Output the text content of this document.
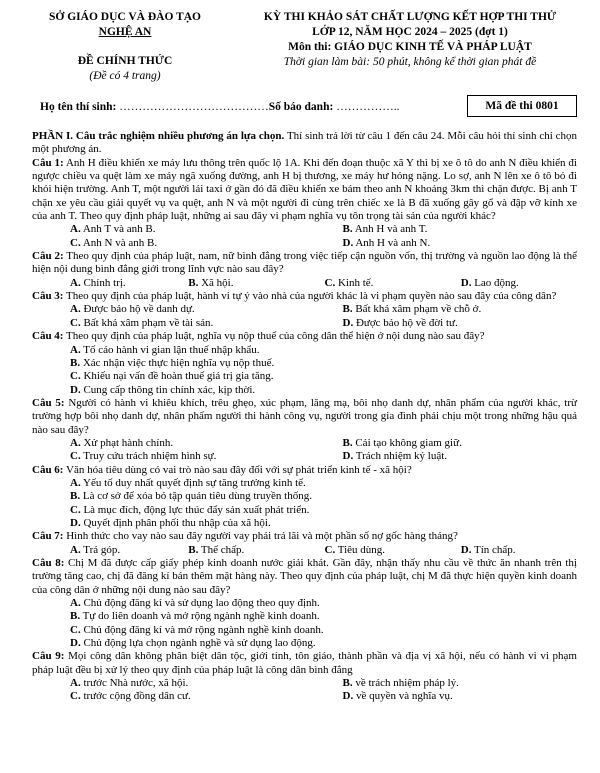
SỞ GIÁO DỤC VÀ ĐÀO TẠO
NGHỆ AN
ĐỀ CHÍNH THỨC
(Đề có 4 trang)
KỲ THI KHẢO SÁT CHẤT LƯỢNG KẾT HỢP THI THỬ
LỚP 12, NĂM HỌC 2024 – 2025 (đợt 1)
Môn thi: GIÁO DỤC KINH TẾ VÀ PHÁP LUẬT
Thời gian làm bài: 50 phút, không kể thời gian phát đề
Họ tên thí sinh: …………………………………Số báo danh: ……………..	Mã đề thi 0801

PHẦN I. Câu trắc nghiệm nhiều phương án lựa chọn. Thí sinh trả lời từ câu 1 đến câu 24. Mỗi câu hỏi thí sinh chỉ chọn một phương án.

Câu 1: Anh H điều khiển xe máy lưu thông trên quốc lộ 1A. Khi đến đoạn thuộc xã Y thì bị xe ô tô do anh N điều khiển đi ngược chiều va quệt làm xe máy ngã xuống đường, anh H bị thương, xe máy hư hỏng nặng. Lo sợ, anh N lên xe ô tô bỏ đi khỏi hiện trường. Anh T, một người lái taxi ở gần đó đã điều khiển xe bám theo anh N khoảng 3km thì chặn được. Bị anh T chặn xe yêu cầu giải quyết vụ va quệt, anh N và một người đi cùng trên chiếc xe là B đã xuống gây gổ và đập vỡ kính xe của anh T. Theo quy định pháp luật, những ai sau đây vi phạm nghĩa vụ tôn trọng tài sản của người khác?

A. Anh T và anh B.	B. Anh H và anh T.
C. Anh N và anh B.	D. Anh H và anh N.

Câu 2: Theo quy định của pháp luật, nam, nữ bình đẳng trong việc tiếp cận nguồn vốn, thị trường và nguồn lao động là thể hiện nội dung bình đẳng giới trong lĩnh vực nào sau đây?

A. Chính trị.	B. Xã hội.	C. Kinh tế.	D. Lao động.

Câu 3: Theo quy định của pháp luật, hành vi tự ý vào nhà của người khác là vi phạm quyền nào sau đây của công dân?

A. Được bảo hộ về danh dự.	B. Bất khả xâm phạm về chỗ ở.
C. Bất khả xâm phạm về tài sản.	D. Được bảo hộ về đời tư.

Câu 4: Theo quy định của pháp luật, nghĩa vụ nộp thuế của công dân thể hiện ở nội dung nào sau đây?

A. Tố cáo hành vi gian lận thuế nhập khẩu.
B. Xác nhận việc thực hiện nghĩa vụ nộp thuế.
C. Khiếu nại vấn đề hoàn thuế giá trị gia tăng.
D. Cung cấp thông tin chính xác, kịp thời.

Câu 5: Người có hành vi khiêu khích, trêu ghẹo, xúc phạm, lăng mạ, bôi nhọ danh dự, nhân phẩm của người khác, trừ trường hợp bôi nhọ danh dự, nhân phẩm người thi hành công vụ, người trong gia đình phải chịu một trong những hậu quả nào sau đây?

A. Xử phạt hành chính.	B. Cải tạo không giam giữ.
C. Truy cứu trách nhiệm hình sự.	D. Trách nhiệm kỷ luật.

Câu 6: Văn hóa tiêu dùng có vai trò nào sau đây đối với sự phát triển kinh tế - xã hội?

A. Yếu tố duy nhất quyết định sự tăng trưởng kinh tế.
B. Là cơ sở để xóa bỏ tập quán tiêu dùng truyền thống.
C. Là mục đích, động lực thúc đẩy sản xuất phát triển.
D. Quyết định phân phối thu nhập của xã hội.

Câu 7: Hình thức cho vay nào sau đây người vay phải trả lãi và một phần số nợ gốc hàng tháng?

A. Trả góp.	B. Thế chấp.	C. Tiêu dùng.	D. Tín chấp.

Câu 8: Chị M đã được cấp giấy phép kinh doanh nước giải khát. Gần đây, nhận thấy nhu cầu về thức ăn nhanh trên thị trường tăng cao, chị đã đăng kí bán thêm mặt hàng này. Theo quy định của pháp luật, chị M đã thực hiện quyền kinh doanh của công dân ở những nội dung nào sau đây?

A. Chủ động đăng kí và sử dụng lao động theo quy định.
B. Tự do liên doanh và mở rộng ngành nghề kinh doanh.
C. Chủ động đăng kí và mở rộng ngành nghề kinh doanh.
D. Chủ động lựa chọn ngành nghề và sử dụng lao động.

Câu 9: Mọi công dân không phân biệt dân tộc, giới tính, tôn giáo, thành phần và địa vị xã hội, nếu có hành vi vi phạm pháp luật đều bị xử lý theo quy định của pháp luật là công dân bình đẳng

A. trước Nhà nước, xã hội.	B. về trách nhiệm pháp lý.
C. trước cộng đồng dân cư.	D. về quyền và nghĩa vụ.
